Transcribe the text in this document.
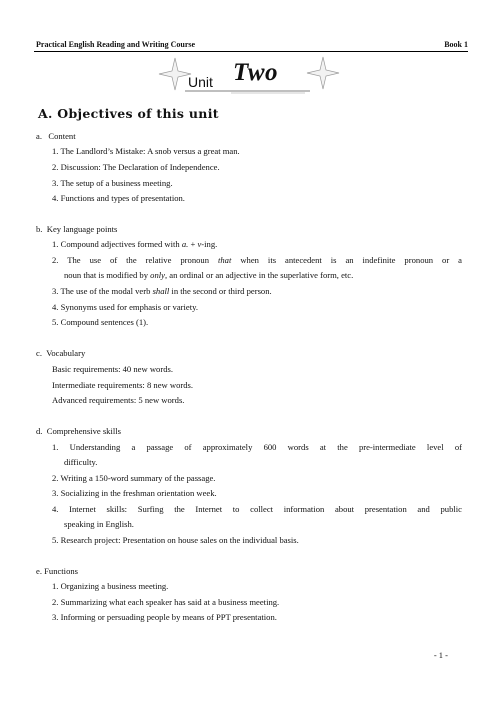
Practical English Reading and Writing Course	Book 1
Unit Two
A. Objectives of this unit
a.   Content
1. The Landlord’s Mistake: A snob versus a great man.
2. Discussion: The Declaration of Independence.
3. The setup of a business meeting.
4. Functions and types of presentation.
b.  Key language points
1. Compound adjectives formed with a. + v-ing.
2. The use of the relative pronoun that when its antecedent is an indefinite pronoun or a
noun that is modified by only, an ordinal or an adjective in the superlative form, etc.
3. The use of the modal verb shall in the second or third person.
4. Synonyms used for emphasis or variety.
5. Compound sentences (1).
c.  Vocabulary
Basic requirements: 40 new words.
Intermediate requirements: 8 new words.
Advanced requirements: 5 new words.
d.  Comprehensive skills
1. Understanding a passage of approximately 600 words at the pre-intermediate level of
difficulty.
2. Writing a 150-word summary of the passage.
3. Socializing in the freshman orientation week.
4. Internet skills: Surfing the Internet to collect information about presentation and public
speaking in English.
5. Research project: Presentation on house sales on the individual basis.
e. Functions
1. Organizing a business meeting.
2. Summarizing what each speaker has said at a business meeting.
3. Informing or persuading people by means of PPT presentation.
- 1 -
